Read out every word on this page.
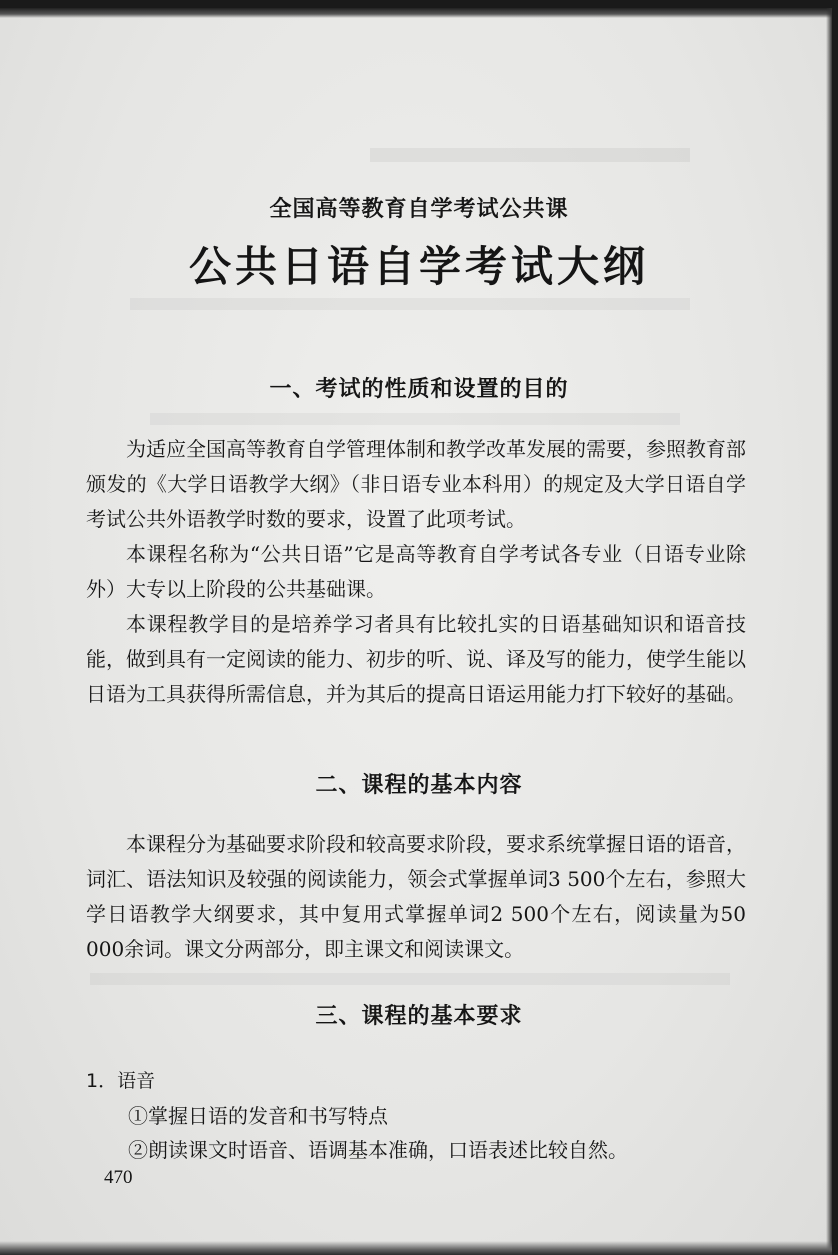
全国高等教育自学考试公共课
公共日语自学考试大纲
一、考试的性质和设置的目的

为适应全国高等教育自学管理体制和教学改革发展的需要，参照教育部颁发的《大学日语教学大纲》（非日语专业本科用）的规定及大学日语自学考试公共外语教学时数的要求，设置了此项考试。

本课程名称为“公共日语”它是高等教育自学考试各专业（日语专业除外）大专以上阶段的公共基础课。

本课程教学目的是培养学习者具有比较扎实的日语基础知识和语音技能，做到具有一定阅读的能力、初步的听、说、译及写的能力，使学生能以日语为工具获得所需信息，并为其后的提高日语运用能力打下较好的基础。

二、课程的基本内容

本课程分为基础要求阶段和较高要求阶段，要求系统掌握日语的语音，词汇、语法知识及较强的阅读能力，领会式掌握单词3 500个左右，参照大学日语教学大纲要求，其中复用式掌握单词2 500个左右，阅读量为50 000余词。课文分两部分，即主课文和阅读课文。

三、课程的基本要求
1．语音
①掌握日语的发音和书写特点
②朗读课文时语音、语调基本准确，口语表述比较自然。
470
